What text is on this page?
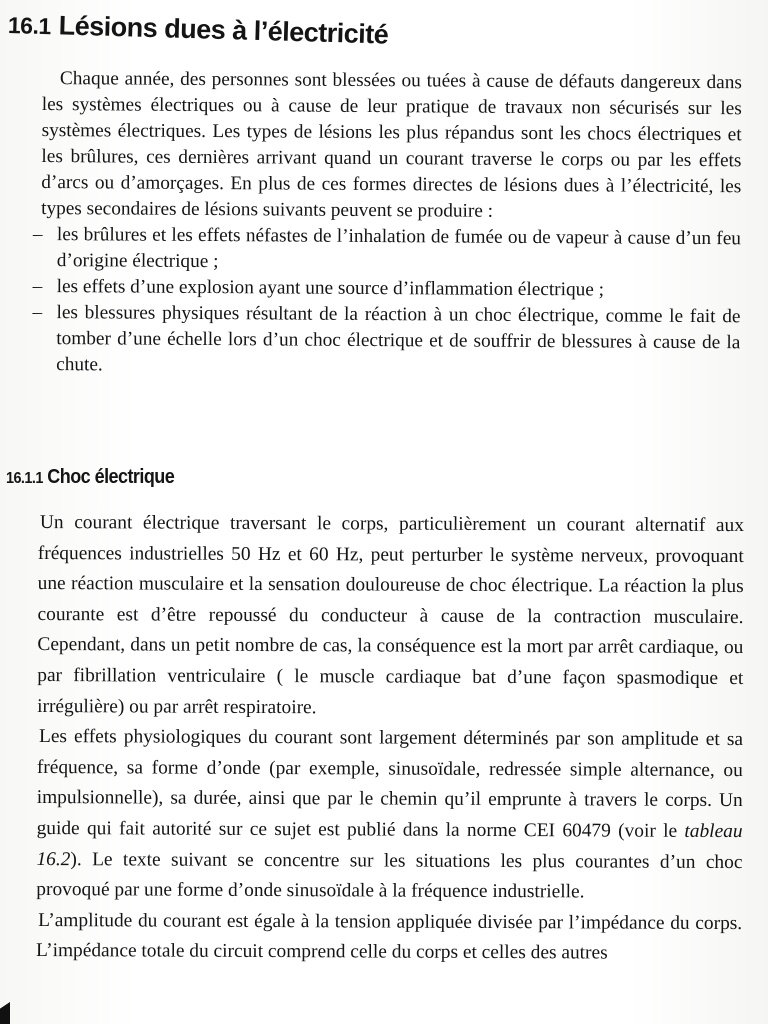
16.1 Lésions dues à l’électricité

Chaque année, des personnes sont blessées ou tuées à cause de défauts dangereux dans les systèmes électriques ou à cause de leur pratique de travaux non sécurisés sur les systèmes électriques. Les types de lésions les plus répandus sont les chocs électriques et les brûlures, ces dernières arrivant quand un courant traverse le corps ou par les effets d’arcs ou d’amorçages. En plus de ces formes directes de lésions dues à l’électricité, les types secondaires de lésions suivants peuvent se produire :

– les brûlures et les effets néfastes de l’inhalation de fumée ou de vapeur à cause d’un feu d’origine électrique ;
– les effets d’une explosion ayant une source d’inflammation électrique ;
– les blessures physiques résultant de la réaction à un choc électrique, comme le fait de tomber d’une échelle lors d’un choc électrique et de souffrir de blessures à cause de la chute.
16.1.1 Choc électrique

Un courant électrique traversant le corps, particulièrement un courant alternatif aux fréquences industrielles 50 Hz et 60 Hz, peut perturber le système nerveux, provoquant une réaction musculaire et la sensation douloureuse de choc électrique. La réaction la plus courante est d’être repoussé du conducteur à cause de la contraction musculaire. Cependant, dans un petit nombre de cas, la conséquence est la mort par arrêt cardiaque, ou par fibrillation ventriculaire ( le muscle cardiaque bat d’une façon spasmodique et irrégulière) ou par arrêt respiratoire.

Les effets physiologiques du courant sont largement déterminés par son amplitude et sa fréquence, sa forme d’onde (par exemple, sinusoïdale, redressée simple alternance, ou impulsionnelle), sa durée, ainsi que par le chemin qu’il emprunte à travers le corps. Un guide qui fait autorité sur ce sujet est publié dans la norme CEI 60479 (voir le tableau 16.2). Le texte suivant se concentre sur les situations les plus courantes d’un choc provoqué par une forme d’onde sinusoïdale à la fréquence industrielle.

L’amplitude du courant est égale à la tension appliquée divisée par l’impédance du corps. L’impédance totale du circuit comprend celle du corps et celles des autres
